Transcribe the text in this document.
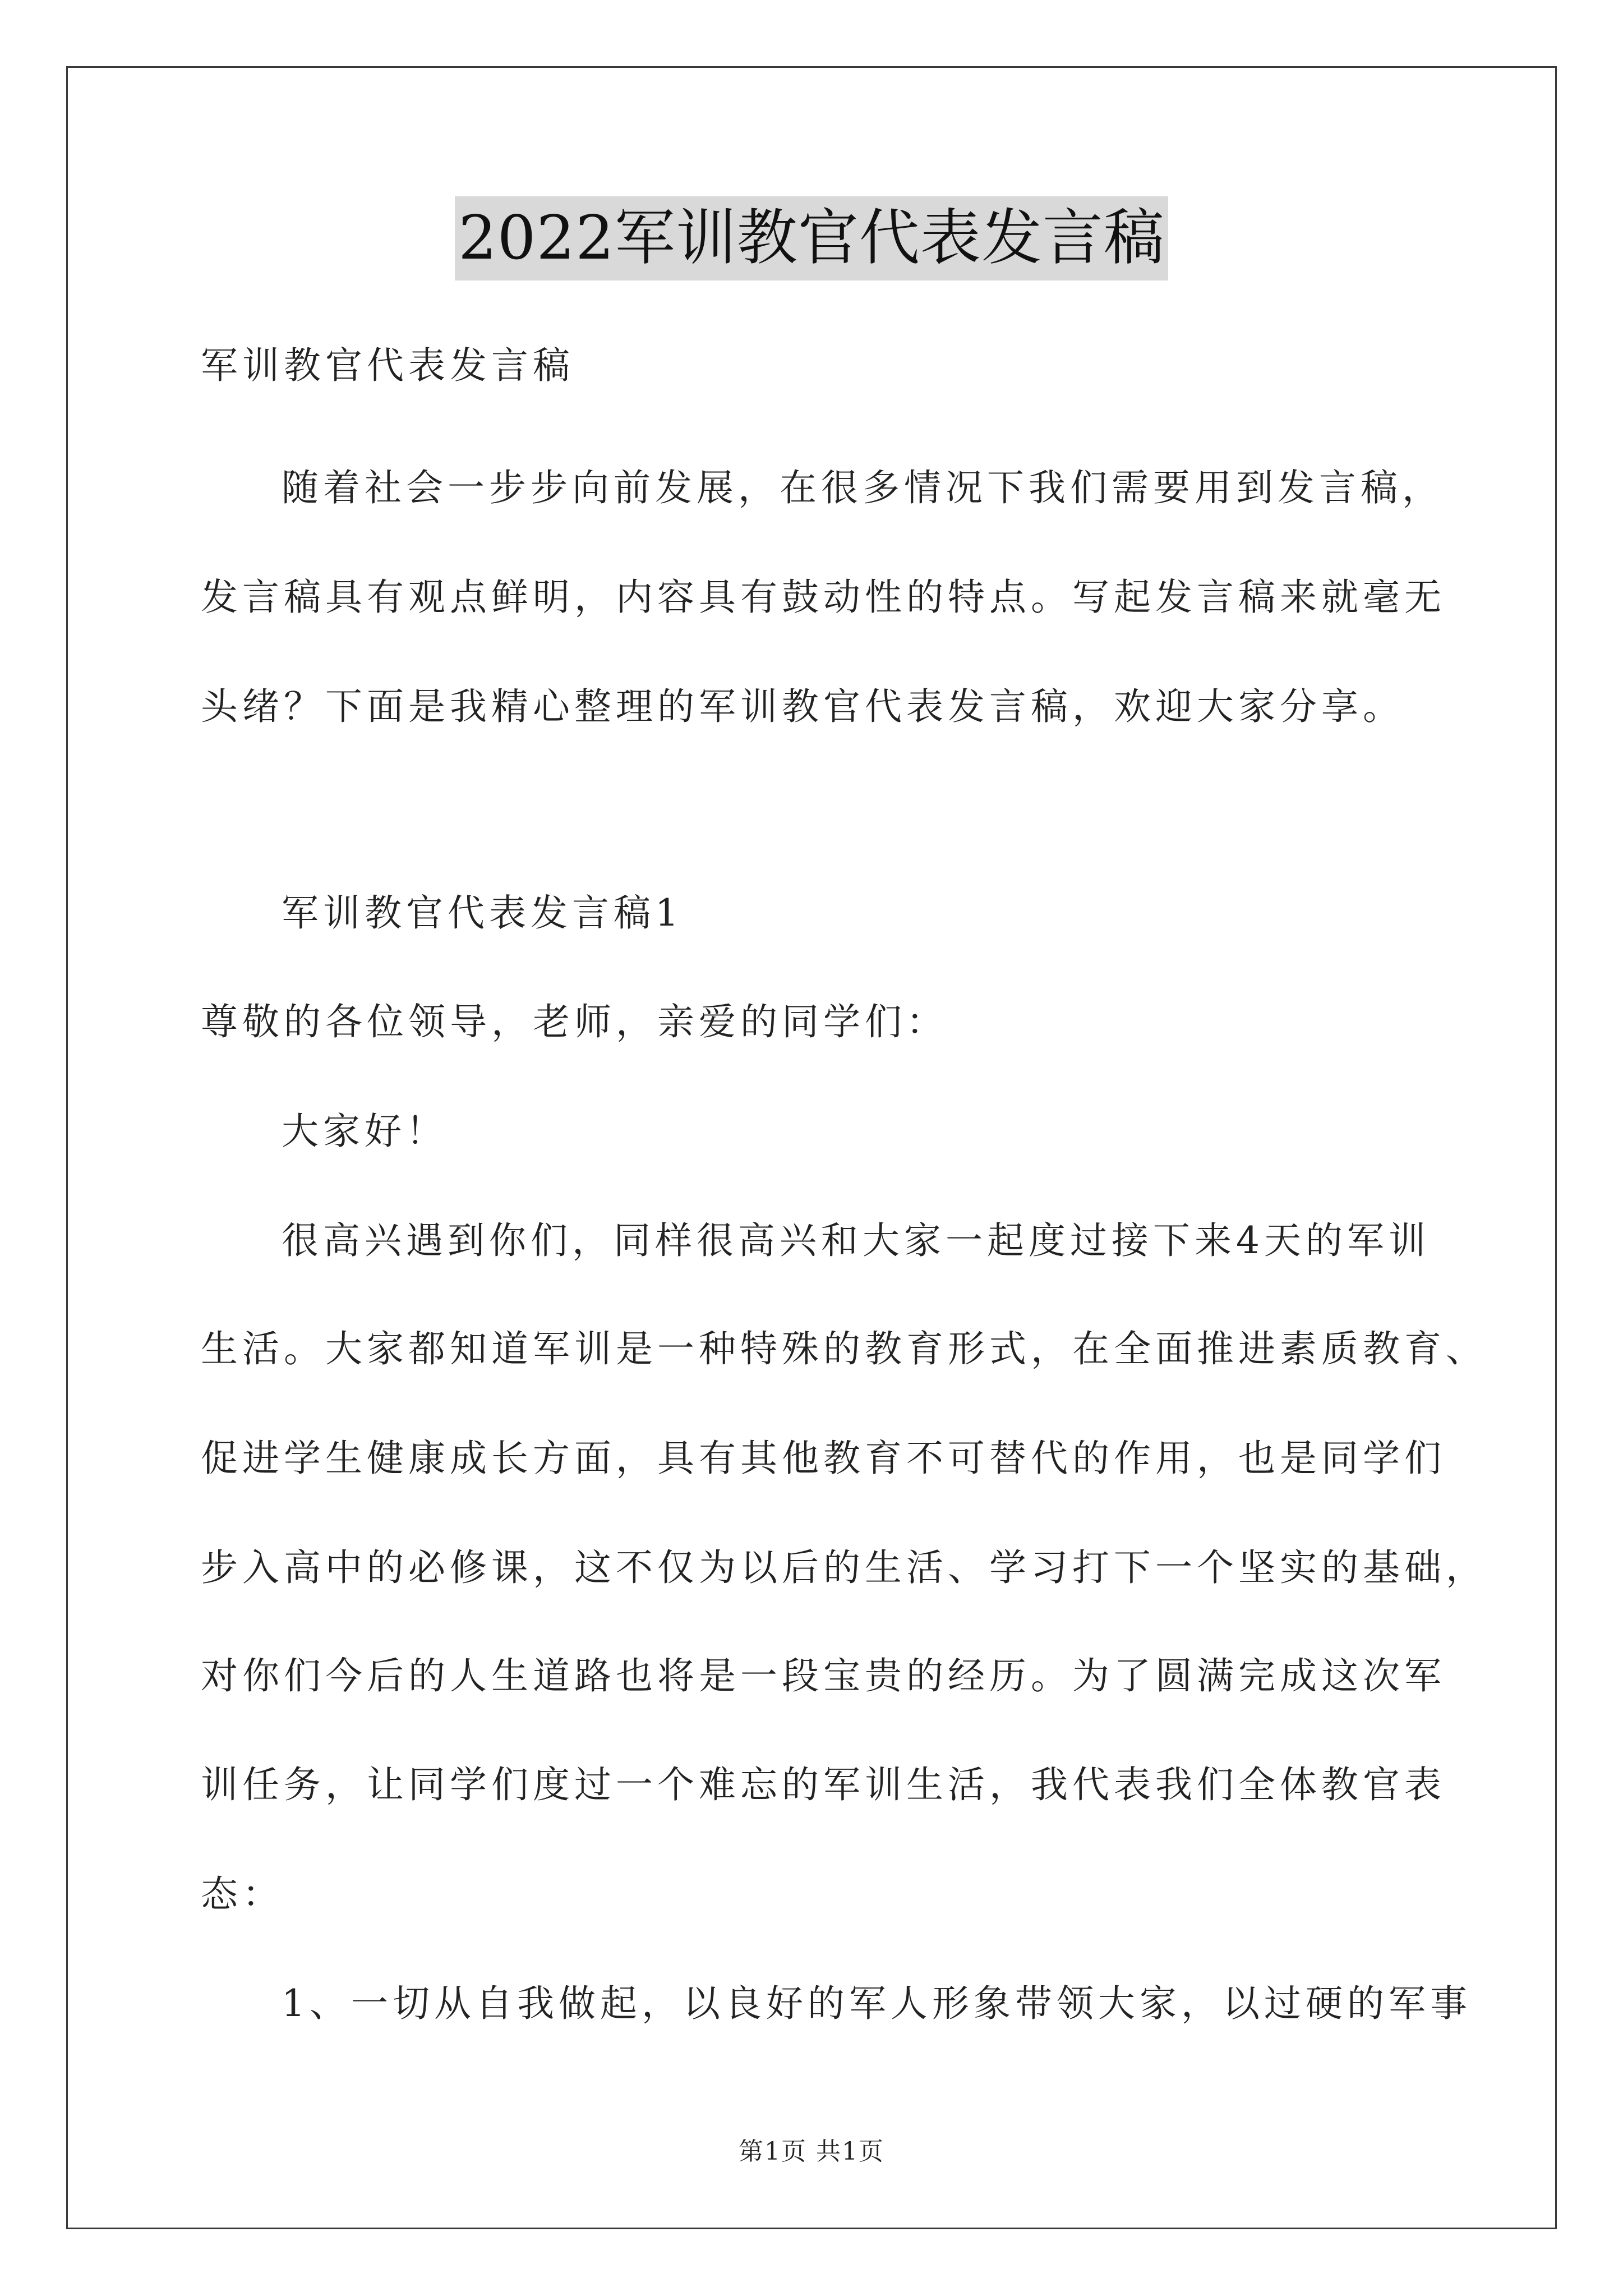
2022军训教官代表发言稿
军训教官代表发言稿
随着社会一步步向前发展，在很多情况下我们需要用到发言稿，
发言稿具有观点鲜明，内容具有鼓动性的特点。写起发言稿来就毫无
头绪？下面是我精心整理的军训教官代表发言稿，欢迎大家分享。
军训教官代表发言稿1
尊敬的各位领导，老师，亲爱的同学们：
大家好！
很高兴遇到你们，同样很高兴和大家一起度过接下来4天的军训
生活。大家都知道军训是一种特殊的教育形式，在全面推进素质教育、
促进学生健康成长方面，具有其他教育不可替代的作用，也是同学们
步入高中的必修课，这不仅为以后的生活、学习打下一个坚实的基础，
对你们今后的人生道路也将是一段宝贵的经历。为了圆满完成这次军
训任务，让同学们度过一个难忘的军训生活，我代表我们全体教官表
态：
1、一切从自我做起，以良好的军人形象带领大家，以过硬的军事
第1页 共1页
